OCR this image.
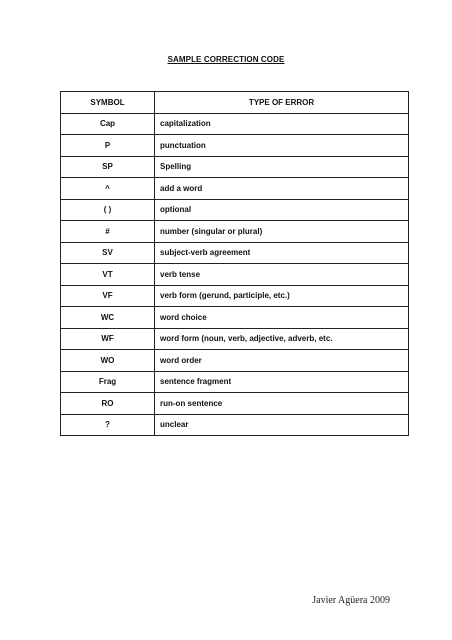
SAMPLE CORRECTION CODE
SYMBOL	TYPE OF ERROR
Cap	capitalization
P	punctuation
SP	Spelling
^	add a word
( )	optional
#	number (singular or plural)
SV	subject-verb agreement
VT	verb tense
VF	verb form (gerund, participle, etc.)
WC	word choice
WF	word form (noun, verb, adjective, adverb, etc.
WO	word order
Frag	sentence fragment
RO	run-on sentence
?	unclear
Javier Agüera 2009
